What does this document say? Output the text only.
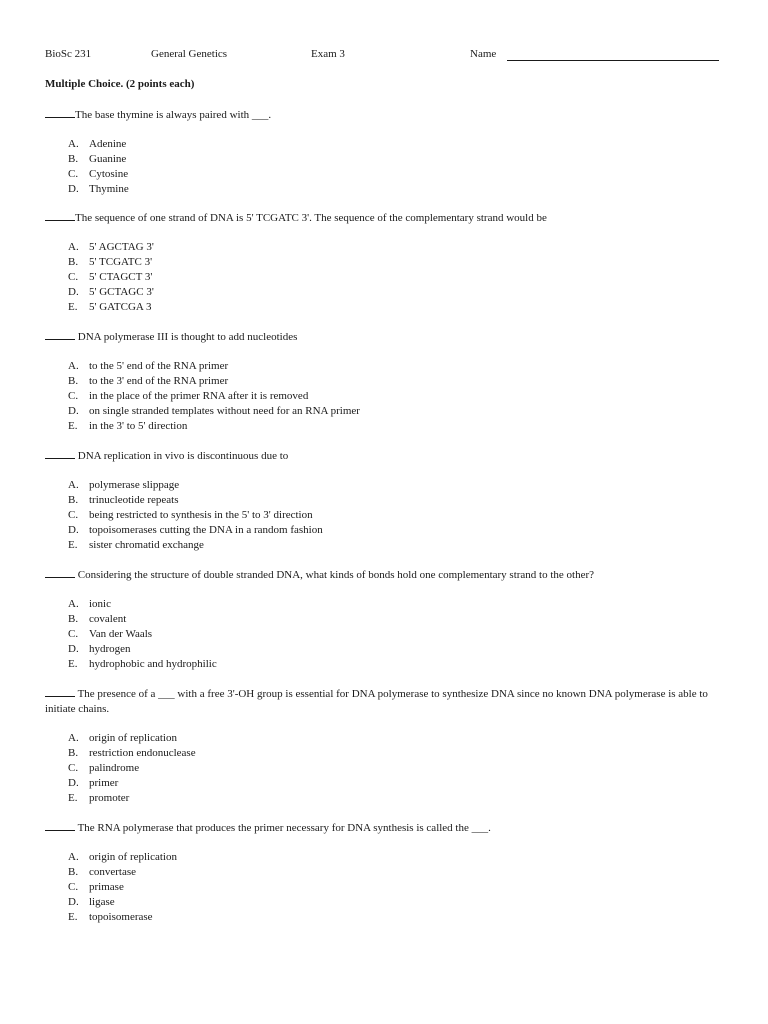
BioSc 231	General Genetics	Exam 3	Name
Multiple Choice. (2 points each)

The base thymine is always paired with ___.

A. Adenine
B. Guanine
C. Cytosine
D. Thymine

The sequence of one strand of DNA is 5' TCGATC 3'. The sequence of the complementary strand would be

A. 5' AGCTAG 3'
B. 5' TCGATC 3'
C. 5' CTAGCT 3'
D. 5' GCTAGC 3'
E. 5' GATCGA 3

DNA polymerase III is thought to add nucleotides

A. to the 5' end of the RNA primer
B. to the 3' end of the RNA primer
C. in the place of the primer RNA after it is removed
D. on single stranded templates without need for an RNA primer
E. in the 3' to 5' direction

DNA replication in vivo is discontinuous due to

A. polymerase slippage
B. trinucleotide repeats
C. being restricted to synthesis in the 5' to 3' direction
D. topoisomerases cutting the DNA in a random fashion
E. sister chromatid exchange

Considering the structure of double stranded DNA, what kinds of bonds hold one complementary strand to the other?

A. ionic
B. covalent
C. Van der Waals
D. hydrogen
E. hydrophobic and hydrophilic

The presence of a ___ with a free 3'-OH group is essential for DNA polymerase to synthesize DNA since no known DNA polymerase is able to initiate chains.

A. origin of replication
B. restriction endonuclease
C. palindrome
D. primer
E. promoter

The RNA polymerase that produces the primer necessary for DNA synthesis is called the ___.

A. origin of replication
B. convertase
C. primase
D. ligase
E. topoisomerase
